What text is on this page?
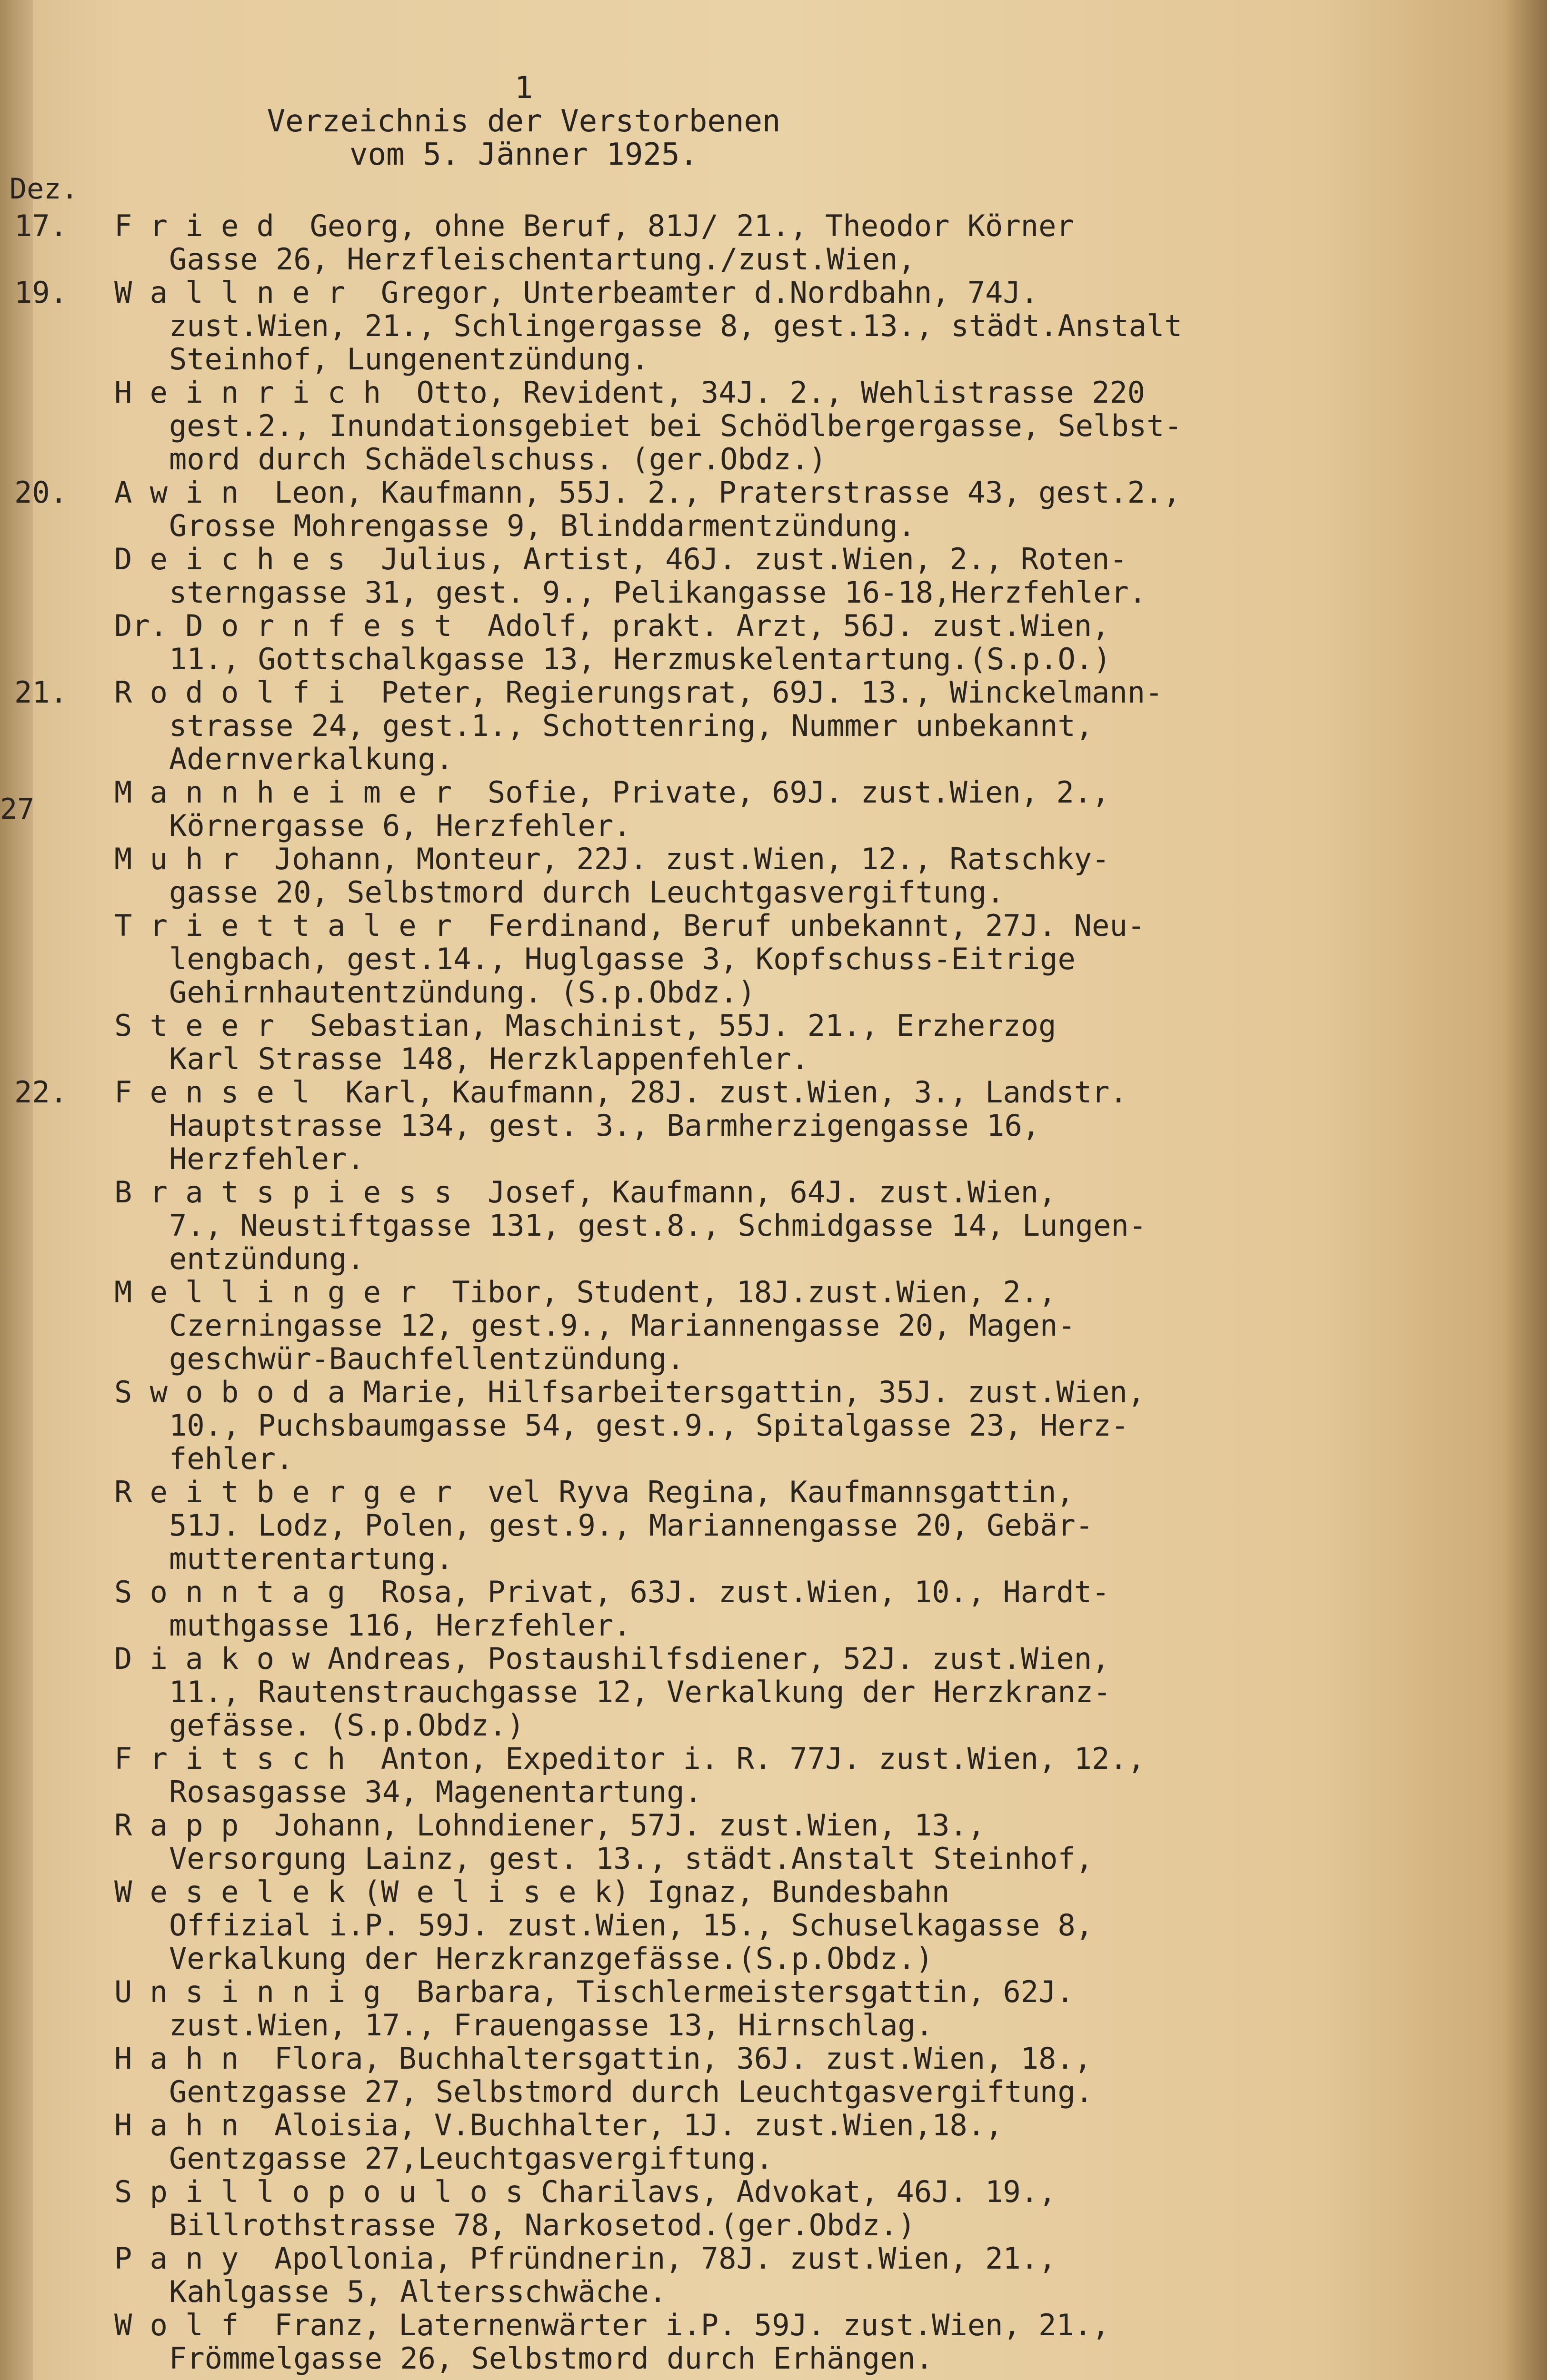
1
Verzeichnis der Verstorbenen
vom 5. Jänner 1925.
Dez.
27
17.	F r i e d  Georg, ohne Beruf, 81J/ 21., Theodor Körner
Gasse 26, Herzfleischentartung./zust.Wien,
19.	W a l l n e r  Gregor, Unterbeamter d.Nordbahn, 74J.
zust.Wien, 21., Schlingergasse 8, gest.13., städt.Anstalt
Steinhof, Lungenentzündung.
H e i n r i c h  Otto, Revident, 34J. 2., Wehlistrasse 220
gest.2., Inundationsgebiet bei Schödlbergergasse, Selbst-
mord durch Schädelschuss. (ger.Obdz.)
20.	A w i n  Leon, Kaufmann, 55J. 2., Praterstrasse 43, gest.2.,
Grosse Mohrengasse 9, Blinddarmentzündung.
D e i c h e s  Julius, Artist, 46J. zust.Wien, 2., Roten-
sterngasse 31, gest. 9., Pelikangasse 16-18,Herzfehler.
Dr. D o r n f e s t  Adolf, prakt. Arzt, 56J. zust.Wien,
11., Gottschalkgasse 13, Herzmuskelentartung.(S.p.O.)
21.	R o d o l f i  Peter, Regierungsrat, 69J. 13., Winckelmann-
strasse 24, gest.1., Schottenring, Nummer unbekannt,
Adernverkalkung.
M a n n h e i m e r  Sofie, Private, 69J. zust.Wien, 2.,
Körnergasse 6, Herzfehler.
M u h r  Johann, Monteur, 22J. zust.Wien, 12., Ratschky-
gasse 20, Selbstmord durch Leuchtgasvergiftung.
T r i e t t a l e r  Ferdinand, Beruf unbekannt, 27J. Neu-
lengbach, gest.14., Huglgasse 3, Kopfschuss-Eitrige
Gehirnhautentzündung. (S.p.Obdz.)
S t e e r  Sebastian, Maschinist, 55J. 21., Erzherzog
Karl Strasse 148, Herzklappenfehler.
22.	F e n s e l  Karl, Kaufmann, 28J. zust.Wien, 3., Landstr.
Hauptstrasse 134, gest. 3., Barmherzigengasse 16,
Herzfehler.
B r a t s p i e s s  Josef, Kaufmann, 64J. zust.Wien,
7., Neustiftgasse 131, gest.8., Schmidgasse 14, Lungen-
entzündung.
M e l l i n g e r  Tibor, Student, 18J.zust.Wien, 2.,
Czerningasse 12, gest.9., Mariannengasse 20, Magen-
geschwür-Bauchfellentzündung.
S w o b o d a Marie, Hilfsarbeitersgattin, 35J. zust.Wien,
10., Puchsbaumgasse 54, gest.9., Spitalgasse 23, Herz-
fehler.
R e i t b e r g e r  vel Ryva Regina, Kaufmannsgattin,
51J. Lodz, Polen, gest.9., Mariannengasse 20, Gebär-
mutterentartung.
S o n n t a g  Rosa, Privat, 63J. zust.Wien, 10., Hardt-
muthgasse 116, Herzfehler.
D i a k o w Andreas, Postaushilfsdiener, 52J. zust.Wien,
11., Rautenstrauchgasse 12, Verkalkung der Herzkranz-
gefässe. (S.p.Obdz.)
F r i t s c h  Anton, Expeditor i. R. 77J. zust.Wien, 12.,
Rosasgasse 34, Magenentartung.
R a p p  Johann, Lohndiener, 57J. zust.Wien, 13.,
Versorgung Lainz, gest. 13., städt.Anstalt Steinhof,
W e s e l e k (W e l i s e k) Ignaz, Bundesbahn
Offizial i.P. 59J. zust.Wien, 15., Schuselkagasse 8,
Verkalkung der Herzkranzgefässe.(S.p.Obdz.)
U n s i n n i g  Barbara, Tischlermeistersgattin, 62J.
zust.Wien, 17., Frauengasse 13, Hirnschlag.
H a h n  Flora, Buchhaltersgattin, 36J. zust.Wien, 18.,
Gentzgasse 27, Selbstmord durch Leuchtgasvergiftung.
H a h n  Aloisia, V.Buchhalter, 1J. zust.Wien,18.,
Gentzgasse 27,Leuchtgasvergiftung.
S p i l l o p o u l o s Charilavs, Advokat, 46J. 19.,
Billrothstrasse 78, Narkosetod.(ger.Obdz.)
P a n y  Apollonia, Pfründnerin, 78J. zust.Wien, 21.,
Kahlgasse 5, Altersschwäche.
W o l f  Franz, Laternenwärter i.P. 59J. zust.Wien, 21.,
Frömmelgasse 26, Selbstmord durch Erhängen.
